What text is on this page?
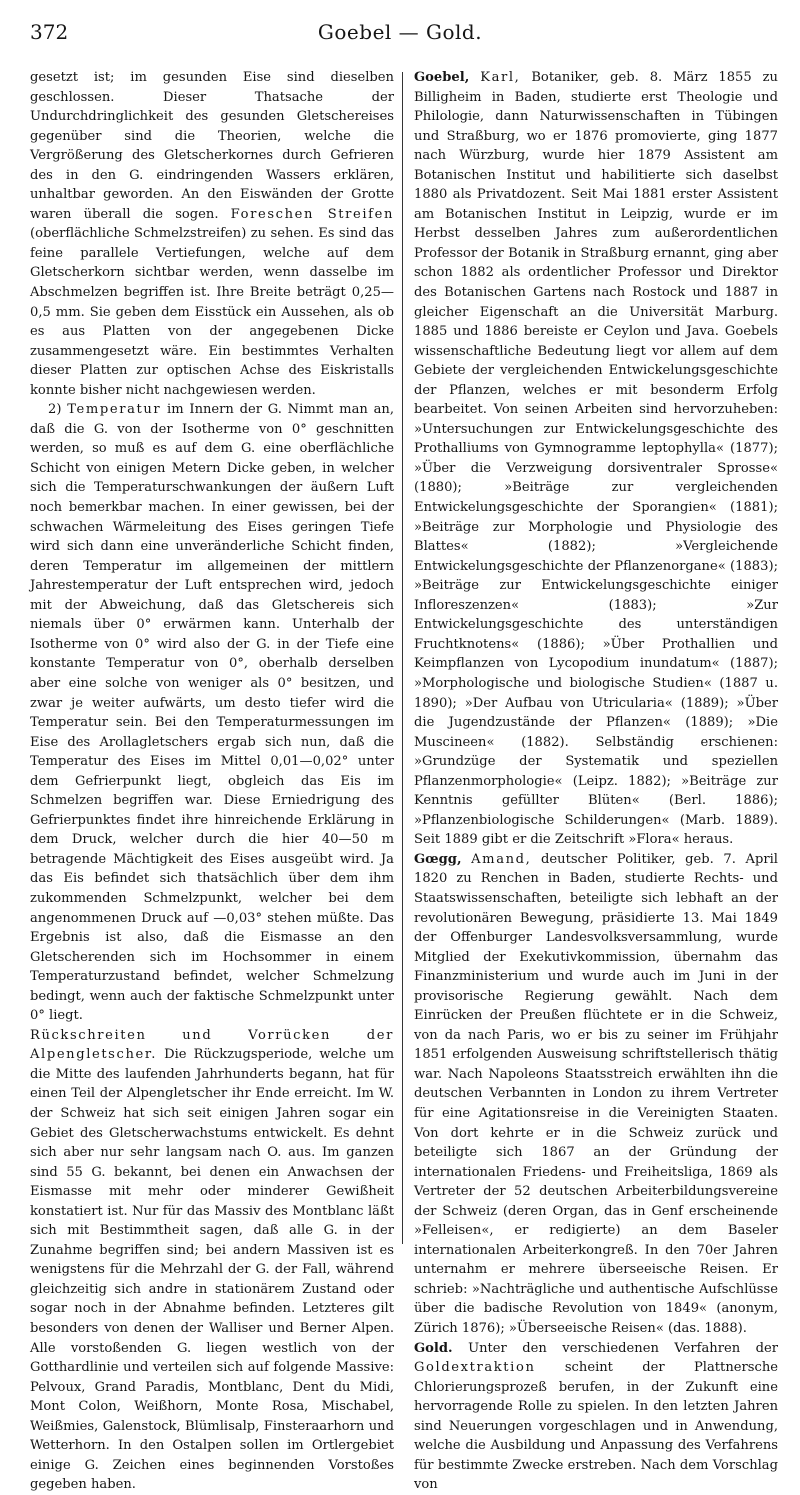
372	Goebel — Gold.

gesetzt ist; im gesunden Eise sind dieselben geschlossen. Dieser Thatsache der Undurchdringlichkeit des gesunden Gletschereises gegenüber sind die Theorien, welche die Vergrößerung des Gletscherkornes durch Gefrieren des in den G. eindringenden Wassers erklären, unhaltbar geworden. An den Eiswänden der Grotte waren überall die sogen. Foreschen Streifen (oberflächliche Schmelzstreifen) zu sehen. Es sind das feine parallele Vertiefungen, welche auf dem Gletscherkorn sichtbar werden, wenn dasselbe im Abschmelzen begriffen ist. Ihre Breite beträgt 0,25—0,5 mm. Sie geben dem Eisstück ein Aussehen, als ob es aus Platten von der angegebenen Dicke zusammengesetzt wäre. Ein bestimmtes Verhalten dieser Platten zur optischen Achse des Eiskristalls konnte bisher nicht nachgewiesen werden.

2) Temperatur im Innern der G. Nimmt man an, daß die G. von der Isotherme von 0° geschnitten werden, so muß es auf dem G. eine oberflächliche Schicht von einigen Metern Dicke geben, in welcher sich die Temperaturschwankungen der äußern Luft noch bemerkbar machen. In einer gewissen, bei der schwachen Wärmeleitung des Eises geringen Tiefe wird sich dann eine unveränderliche Schicht finden, deren Temperatur im allgemeinen der mittlern Jahrestemperatur der Luft entsprechen wird, jedoch mit der Abweichung, daß das Gletschereis sich niemals über 0° erwärmen kann. Unterhalb der Isotherme von 0° wird also der G. in der Tiefe eine konstante Temperatur von 0°, oberhalb derselben aber eine solche von weniger als 0° besitzen, und zwar je weiter aufwärts, um desto tiefer wird die Temperatur sein. Bei den Temperaturmessungen im Eise des Arollagletschers ergab sich nun, daß die Temperatur des Eises im Mittel 0,01—0,02° unter dem Gefrierpunkt liegt, obgleich das Eis im Schmelzen begriffen war. Diese Erniedrigung des Gefrierpunktes findet ihre hinreichende Erklärung in dem Druck, welcher durch die hier 40—50 m betragende Mächtigkeit des Eises ausgeübt wird. Ja das Eis befindet sich thatsächlich über dem ihm zukommenden Schmelzpunkt, welcher bei dem angenommenen Druck auf —0,03° stehen müßte. Das Ergebnis ist also, daß die Eismasse an den Gletscherenden sich im Hochsommer in einem Temperaturzustand befindet, welcher Schmelzung bedingt, wenn auch der faktische Schmelzpunkt unter 0° liegt.

Rückschreiten und Vorrücken der Alpengletscher. Die Rückzugsperiode, welche um die Mitte des laufenden Jahrhunderts begann, hat für einen Teil der Alpengletscher ihr Ende erreicht. Im W. der Schweiz hat sich seit einigen Jahren sogar ein Gebiet des Gletscherwachstums entwickelt. Es dehnt sich aber nur sehr langsam nach O. aus. Im ganzen sind 55 G. bekannt, bei denen ein Anwachsen der Eismasse mit mehr oder minderer Gewißheit konstatiert ist. Nur für das Massiv des Montblanc läßt sich mit Bestimmtheit sagen, daß alle G. in der Zunahme begriffen sind; bei andern Massiven ist es wenigstens für die Mehrzahl der G. der Fall, während gleichzeitig sich andre in stationärem Zustand oder sogar noch in der Abnahme befinden. Letzteres gilt besonders von denen der Walliser und Berner Alpen. Alle vorstoßenden G. liegen westlich von der Gotthardlinie und verteilen sich auf folgende Massive: Pelvoux, Grand Paradis, Montblanc, Dent du Midi, Mont Colon, Weißhorn, Monte Rosa, Mischabel, Weißmies, Galenstock, Blümlisalp, Finsteraarhorn und Wetterhorn. In den Ostalpen sollen im Ortlergebiet einige G. Zeichen eines beginnenden Vorstoßes gegeben haben.

Goebel, Karl, Botaniker, geb. 8. März 1855 zu Billigheim in Baden, studierte erst Theologie und Philologie, dann Naturwissenschaften in Tübingen und Straßburg, wo er 1876 promovierte, ging 1877 nach Würzburg, wurde hier 1879 Assistent am Botanischen Institut und habilitierte sich daselbst 1880 als Privatdozent. Seit Mai 1881 erster Assistent am Botanischen Institut in Leipzig, wurde er im Herbst desselben Jahres zum außerordentlichen Professor der Botanik in Straßburg ernannt, ging aber schon 1882 als ordentlicher Professor und Direktor des Botanischen Gartens nach Rostock und 1887 in gleicher Eigenschaft an die Universität Marburg. 1885 und 1886 bereiste er Ceylon und Java. Goebels wissenschaftliche Bedeutung liegt vor allem auf dem Gebiete der vergleichenden Entwickelungsgeschichte der Pflanzen, welches er mit besonderm Erfolg bearbeitet. Von seinen Arbeiten sind hervorzuheben: »Untersuchungen zur Entwickelungsgeschichte des Prothalliums von Gymnogramme leptophylla« (1877); »Über die Verzweigung dorsiventraler Sprosse« (1880); »Beiträge zur vergleichenden Entwickelungsgeschichte der Sporangien« (1881); »Beiträge zur Morphologie und Physiologie des Blattes« (1882); »Vergleichende Entwickelungsgeschichte der Pflanzenorgane« (1883); »Beiträge zur Entwickelungsgeschichte einiger Infloreszenzen« (1883); »Zur Entwickelungsgeschichte des unterständigen Fruchtknotens« (1886); »Über Prothallien und Keimpflanzen von Lycopodium inundatum« (1887); »Morphologische und biologische Studien« (1887 u. 1890); »Der Aufbau von Utricularia« (1889); »Über die Jugendzustände der Pflanzen« (1889); »Die Muscineen« (1882). Selbständig erschienen: »Grundzüge der Systematik und speziellen Pflanzenmorphologie« (Leipz. 1882); »Beiträge zur Kenntnis gefüllter Blüten« (Berl. 1886); »Pflanzenbiologische Schilderungen« (Marb. 1889). Seit 1889 gibt er die Zeitschrift »Flora« heraus.

Gœgg, Amand, deutscher Politiker, geb. 7. April 1820 zu Renchen in Baden, studierte Rechts- und Staatswissenschaften, beteiligte sich lebhaft an der revolutionären Bewegung, präsidierte 13. Mai 1849 der Offenburger Landesvolksversammlung, wurde Mitglied der Exekutivkommission, übernahm das Finanzministerium und wurde auch im Juni in der provisorische Regierung gewählt. Nach dem Einrücken der Preußen flüchtete er in die Schweiz, von da nach Paris, wo er bis zu seiner im Frühjahr 1851 erfolgenden Ausweisung schriftstellerisch thätig war. Nach Napoleons Staatsstreich erwählten ihn die deutschen Verbannten in London zu ihrem Vertreter für eine Agitationsreise in die Vereinigten Staaten. Von dort kehrte er in die Schweiz zurück und beteiligte sich 1867 an der Gründung der internationalen Friedens- und Freiheitsliga, 1869 als Vertreter der 52 deutschen Arbeiterbildungsvereine der Schweiz (deren Organ, das in Genf erscheinende »Felleisen«, er redigierte) an dem Baseler internationalen Arbeiterkongreß. In den 70er Jahren unternahm er mehrere überseeische Reisen. Er schrieb: »Nachträgliche und authentische Aufschlüsse über die badische Revolution von 1849« (anonym, Zürich 1876); »Überseeische Reisen« (das. 1888).

Gold. Unter den verschiedenen Verfahren der Goldextraktion scheint der Plattnersche Chlorierungsprozeß berufen, in der Zukunft eine hervorragende Rolle zu spielen. In den letzten Jahren sind Neuerungen vorgeschlagen und in Anwendung, welche die Ausbildung und Anpassung des Verfahrens für bestimmte Zwecke erstreben. Nach dem Vorschlag von
